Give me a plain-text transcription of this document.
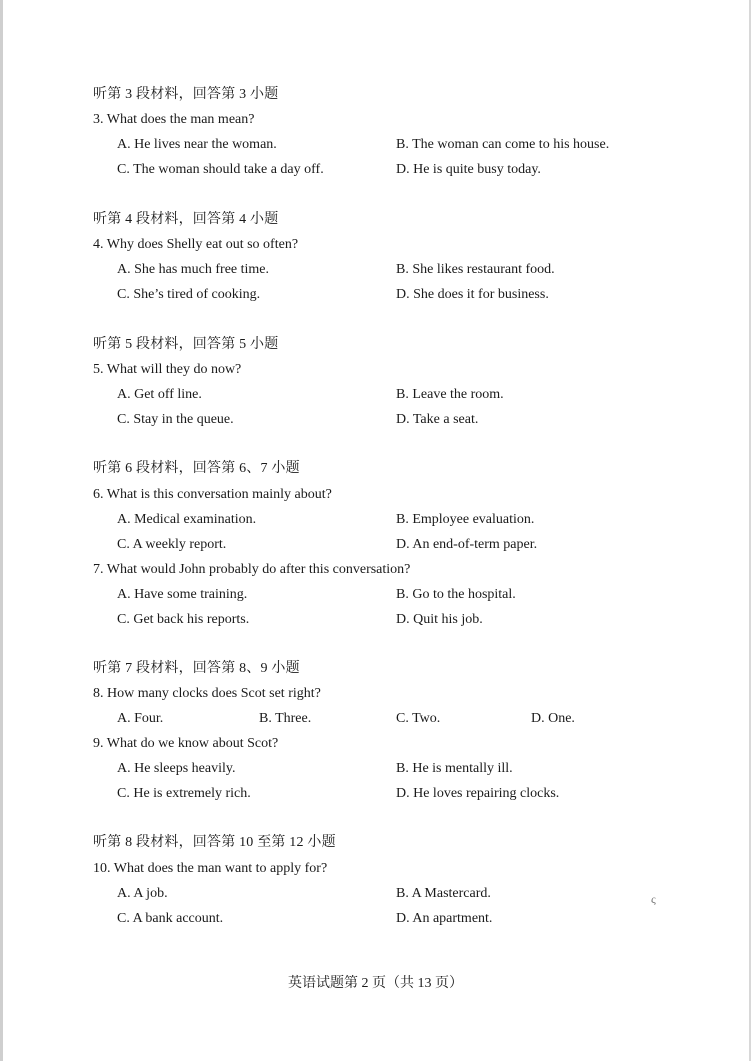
听第 3 段材料，回答第 3 小题
3. What does the man mean?
A. He lives near the woman.	B. The woman can come to his house.
C. The woman should take a day off.	D. He is quite busy today.
听第 4 段材料，回答第 4 小题
4. Why does Shelly eat out so often?
A. She has much free time.	B. She likes restaurant food.
C. She’s tired of cooking.	D. She does it for business.
听第 5 段材料，回答第 5 小题
5. What will they do now?
A. Get off line.	B. Leave the room.
C. Stay in the queue.	D. Take a seat.
听第 6 段材料，回答第 6、7 小题
6. What is this conversation mainly about?
A. Medical examination.	B. Employee evaluation.
C. A weekly report.	D. An end-of-term paper.
7. What would John probably do after this conversation?
A. Have some training.	B. Go to the hospital.
C. Get back his reports.	D. Quit his job.
听第 7 段材料，回答第 8、9 小题
8. How many clocks does Scot set right?
A. Four.	B. Three.	C. Two.	D. One.
9. What do we know about Scot?
A. He sleeps heavily.	B. He is mentally ill.
C. He is extremely rich.	D. He loves repairing clocks.
听第 8 段材料，回答第 10 至第 12 小题
10. What does the man want to apply for?
A. A job.	B. A Mastercard.
C. A bank account.	D. An apartment.
ς
英语试题第 2 页（共 13 页）
